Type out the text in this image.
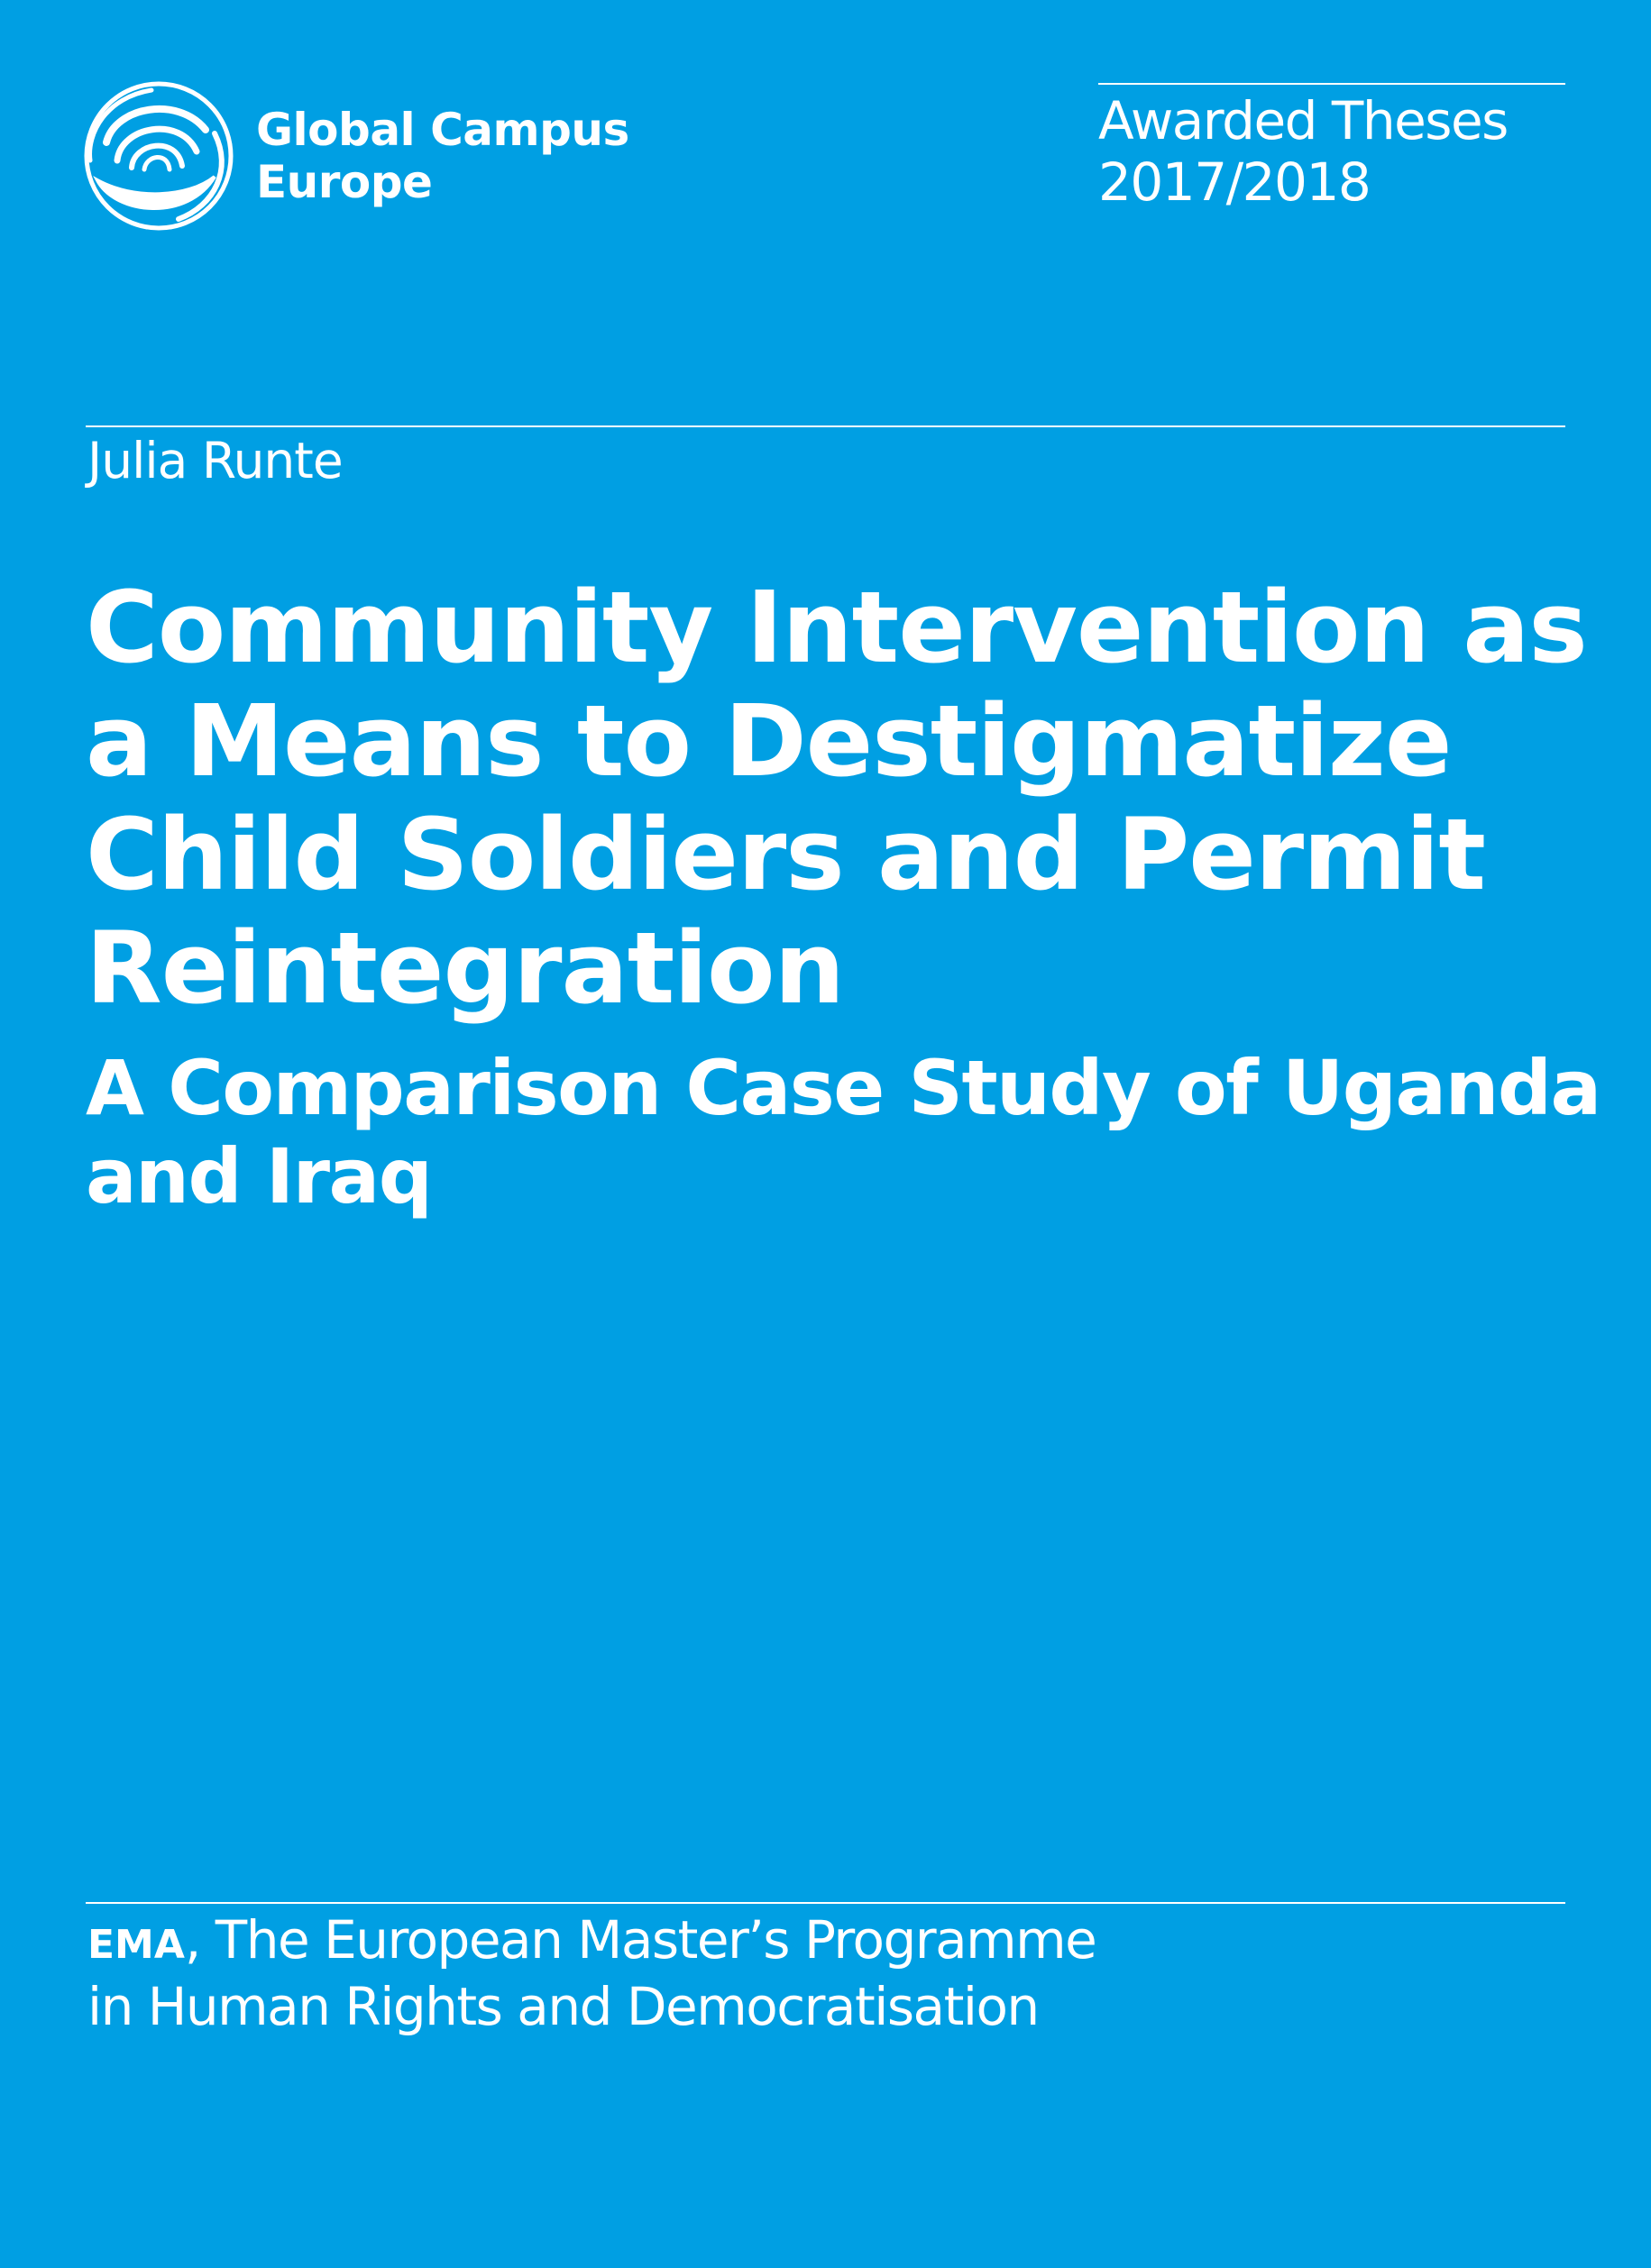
Global Campus
Europe
Awarded Theses
2017/2018
Julia Runte
Community Intervention as
a Means to Destigmatize
Child Soldiers and Permit
Reintegration
A Comparison Case Study of Uganda
and Iraq
EMA, The European Master’s Programme
in Human Rights and Democratisation
